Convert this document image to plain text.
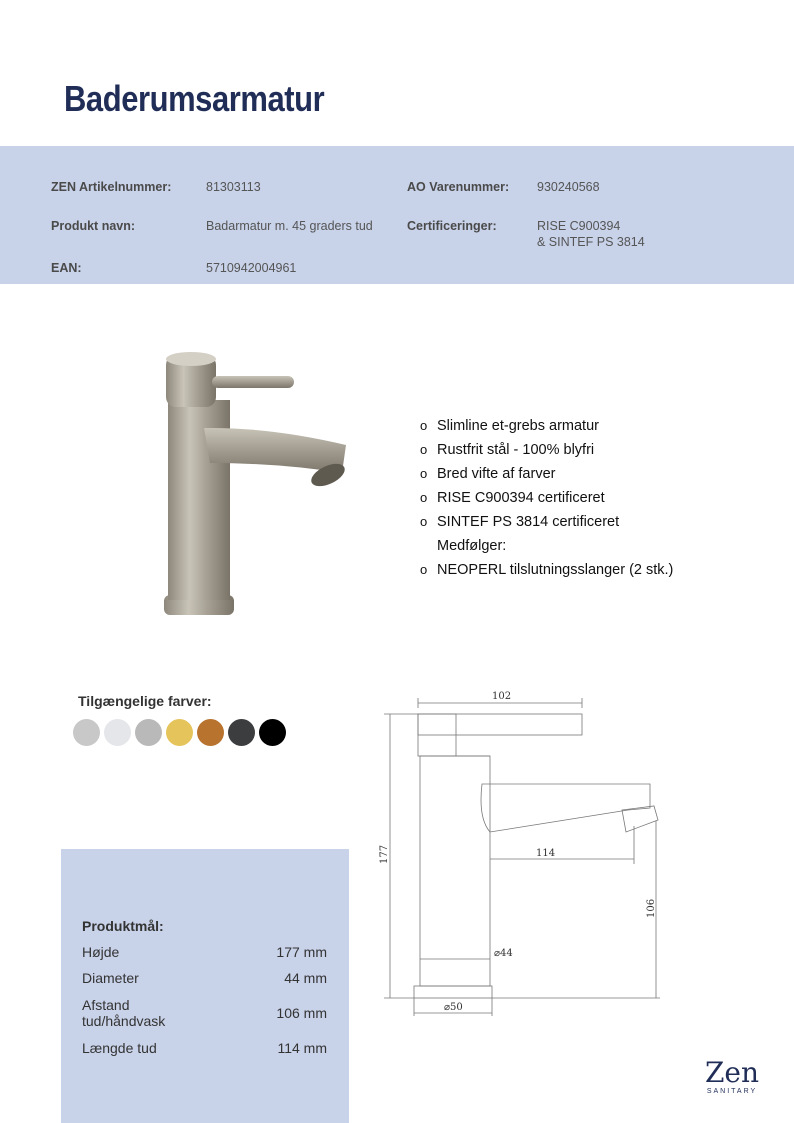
Baderumsarmatur
ZEN Artikelnummer:	81303113	AO Varenummer: 930240568
Produkt navn:	Badarmatur m. 45 graders tud	Certificeringer:	RISE C900394
& SINTEF PS 3814
EAN:	5710942004961
o Slimline et-grebs armatur
o Rustfrit stål - 100% blyfri
o Bred vifte af farver
o RISE C900394 certificeret
o SINTEF PS 3814 certificeret
Medfølger:
o NEOPERL tilslutningsslanger (2 stk.)
Tilgængelige farver:	102
177	114
106
⌀44
⌀50
Produktmål:
Højde	177 mm
Diameter	44 mm
Afstand tud/håndvask	106 mm
Længde tud	114 mm
Zen
SANITARY
